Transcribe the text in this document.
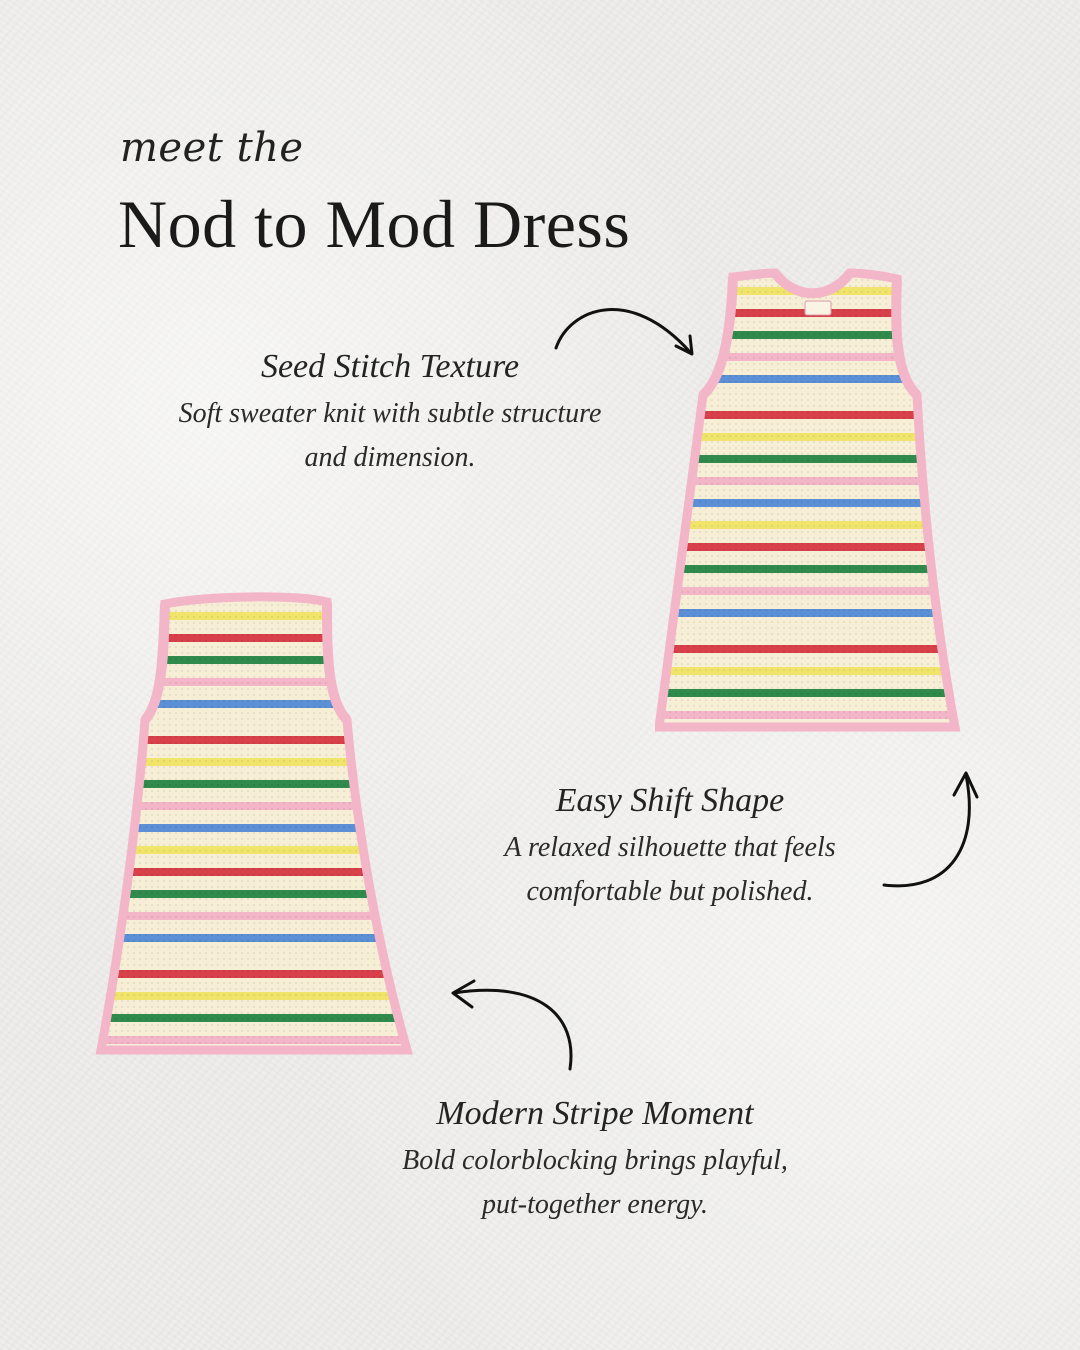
meet the
Nod to Mod Dress
Seed Stitch Texture
Soft sweater knit with subtle structure
and dimension.
Easy Shift Shape
A relaxed silhouette that feels
comfortable but polished.
Modern Stripe Moment
Bold colorblocking brings playful,
put-together energy.
